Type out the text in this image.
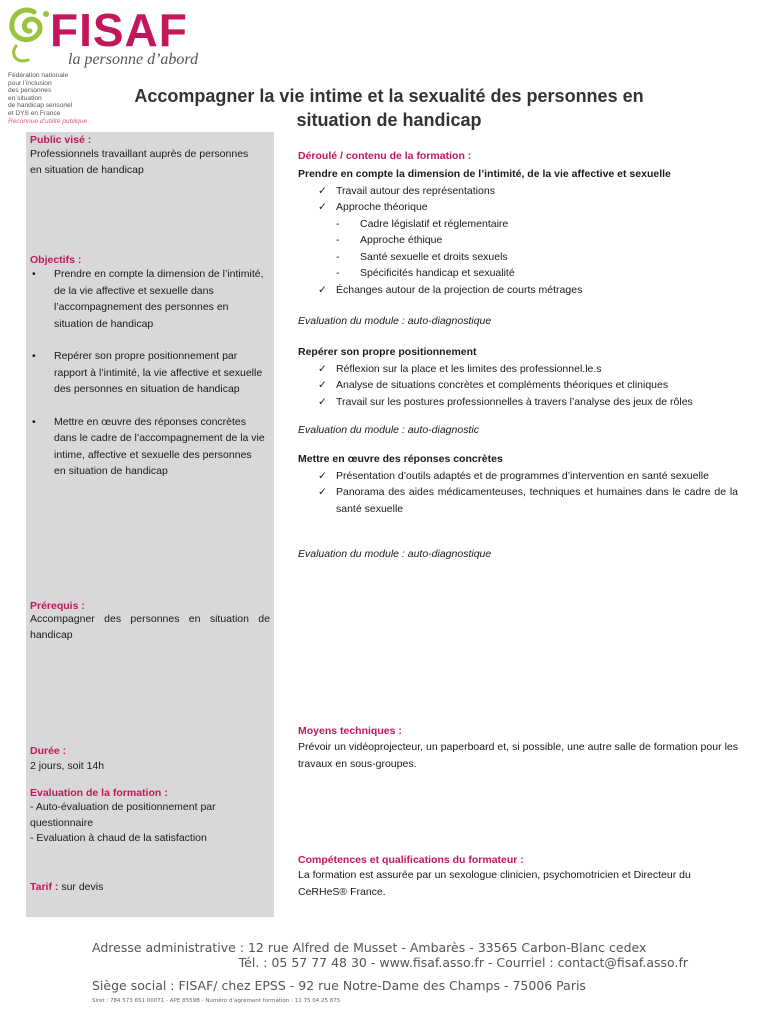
FISAF
la personne d’abord
Fédération nationale
pour l’inclusion
des personnes
en situation
de handicap sensoriel
et DYS en France
Reconnue d’utilité publique
Accompagner la vie intime et la sexualité des personnes en
situation de handicap
Public visé :
Professionnels travaillant auprès de personnes en situation de handicap
Objectifs :
• Prendre en compte la dimension de l’intimité, de la vie affective et sexuelle dans l’accompagnement des personnes en situation de handicap
• Repérer son propre positionnement par rapport à l’intimité, la vie affective et sexuelle des personnes en situation de handicap
• Mettre en œuvre des réponses concrètes dans le cadre de l’accompagnement de la vie intime, affective et sexuelle des personnes en situation de handicap
Prérequis :
Accompagner des personnes en situation de handicap
Durée :
2 jours, soit 14h
Evaluation de la formation :
- Auto-évaluation de positionnement par questionnaire
- Evaluation à chaud de la satisfaction
Tarif : sur devis
Déroulé / contenu de la formation :
Prendre en compte la dimension de l’intimité, de la vie affective et sexuelle
✓ Travail autour des représentations
✓ Approche théorique
- Cadre législatif et réglementaire
- Approche éthique
- Santé sexuelle et droits sexuels
- Spécificités handicap et sexualité
✓ Échanges autour de la projection de courts métrages
Evaluation du module : auto-diagnostique
Repérer son propre positionnement
✓ Réflexion sur la place et les limites des professionnel.le.s
✓ Analyse de situations concrètes et compléments théoriques et cliniques
✓ Travail sur les postures professionnelles à travers l’analyse des jeux de rôles
Evaluation du module : auto-diagnostic
Mettre en œuvre des réponses concrètes
✓ Présentation d’outils adaptés et de programmes d’intervention en santé sexuelle
✓ Panorama des aides médicamenteuses, techniques et humaines dans le cadre de la santé sexuelle
Evaluation du module : auto-diagnostique
Moyens techniques :
Prévoir un vidéoprojecteur, un paperboard et, si possible, une autre salle de formation pour les travaux en sous-groupes.
Compétences et qualifications du formateur :
La formation est assurée par un sexologue clinicien, psychomotricien et Directeur du CeRHeS® France.
Adresse administrative : 12 rue Alfred de Musset - Ambarès - 33565 Carbon-Blanc cedex
Tél. : 05 57 77 48 30 - www.fisaf.asso.fr - Courriel : contact@fisaf.asso.fr
Siège social : FISAF/ chez EPSS - 92 rue Notre-Dame des Champs - 75006 Paris
Siret : 784 573 651 00071 - APE 8559B - Numéro d’agrément formation : 11 75 04 25 875
